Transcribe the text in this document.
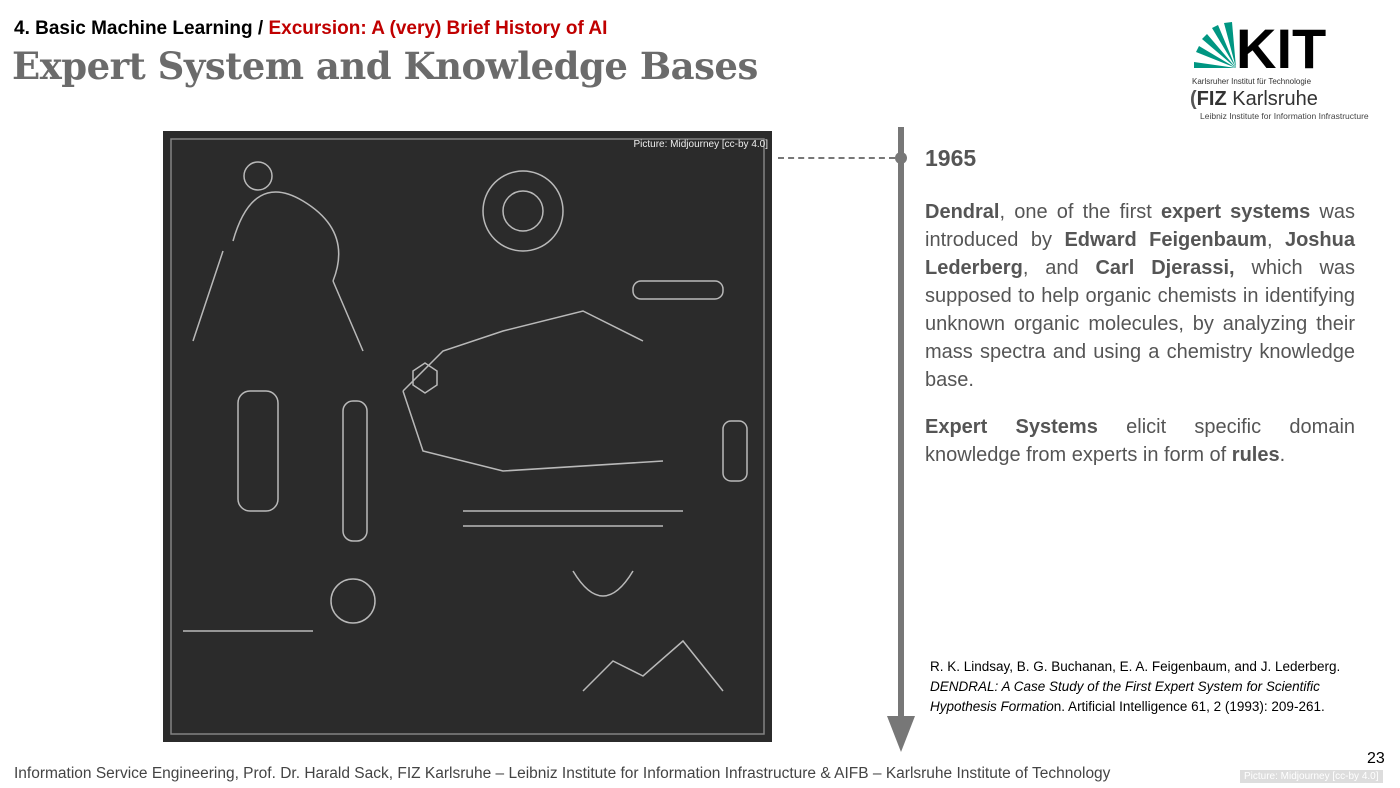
4. Basic Machine Learning / Excursion: A (very) Brief History of AI
Expert System and Knowledge Bases	KIT
Karlsruher Institut für Technologie
(FIZ Karlsruhe
Leibniz Institute for Information Infrastructure
Picture: Midjourney [cc-by 4.0]
1965

Dendral, one of the first expert systems was introduced by Edward Feigenbaum, Joshua Lederberg, and Carl Djerassi, which was supposed to help organic chemists in identifying unknown organic molecules, by analyzing their mass spectra and using a chemistry knowledge base.

Expert Systems elicit specific domain knowledge from experts in form of rules.

R. K. Lindsay, B. G. Buchanan, E. A. Feigenbaum, and J. Lederberg.
DENDRAL: A Case Study of the First Expert System for Scientific Hypothesis Formation. Artificial Intelligence 61, 2 (1993): 209-261.
Information Service Engineering, Prof. Dr. Harald Sack, FIZ Karlsruhe – Leibniz Institute for Information Infrastructure & AIFB – Karlsruhe Institute of Technology
23
Picture: Midjourney [cc-by 4.0]
